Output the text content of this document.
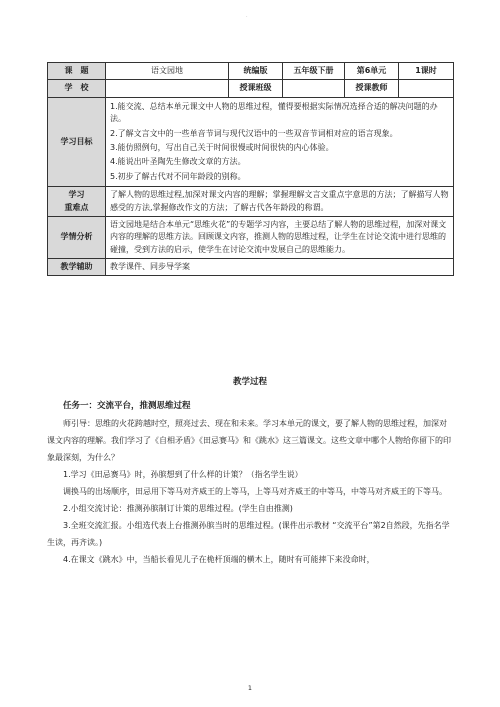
·
课　题	语文园地	统编版	五年级下册	第6单元	1课时
学　校		授课班级		授课教师	
学习目标	1.能交流、总结本单元课文中人物的思维过程，懂得要根据实际情况选择合适的解决问题的办法。

2.了解文言文中的一些单音节词与现代汉语中的一些双音节词相对应的语言现象。

3.能仿照例句，写出自己关于时间很慢或时间很快的内心体验。

4.能说出叶圣陶先生修改文章的方法。

5.初步了解古代对不同年龄段的别称。				

学习
重难点	了解人物的思维过程,加深对课文内容的理解；掌握理解文言文重点字意思的方法；了解描写人物感受的方法,掌握修改作文的方法；了解古代各年龄段的称谓。				
学情分析	语文园地是结合本单元“思维火花”的专题学习内容，主要总结了解人物的思维过程，加深对课文内容的理解的思维方法。回顾课文内容，推测人物的思维过程，让学生在讨论交流中进行思维的碰撞，受到方法的启示，使学生在讨论交流中发展自己的思维能力。				
教学辅助	教学课件、同步导学案				
教学过程

任务一：交流平台，推测思维过程

师引导：思维的火花跨越时空，照亮过去、现在和未来。学习本单元的课文，要了解人物的思维过程，加深对课文内容的理解。我们学习了《自相矛盾》《田忌赛马》和《跳水》这三篇课文。这些文章中哪个人物给你留下的印象最深刻，为什么？

1.学习《田忌赛马》时，孙膑想到了什么样的计策？（指名学生说）

调换马的出场顺序，田忌用下等马对齐威王的上等马，上等马对齐威王的中等马，中等马对齐威王的下等马。

2.小组交流讨论：推测孙膑制订计策的思维过程。(学生自由推测)

3.全班交流汇报。小组选代表上台推测孙膑当时的思维过程。(课件出示教材 “交流平台”第2自然段，先指名学生读，再齐读。)

4.在课文《跳水》中，当船长看见儿子在桅杆顶端的横木上，随时有可能摔下来没命时，

1
